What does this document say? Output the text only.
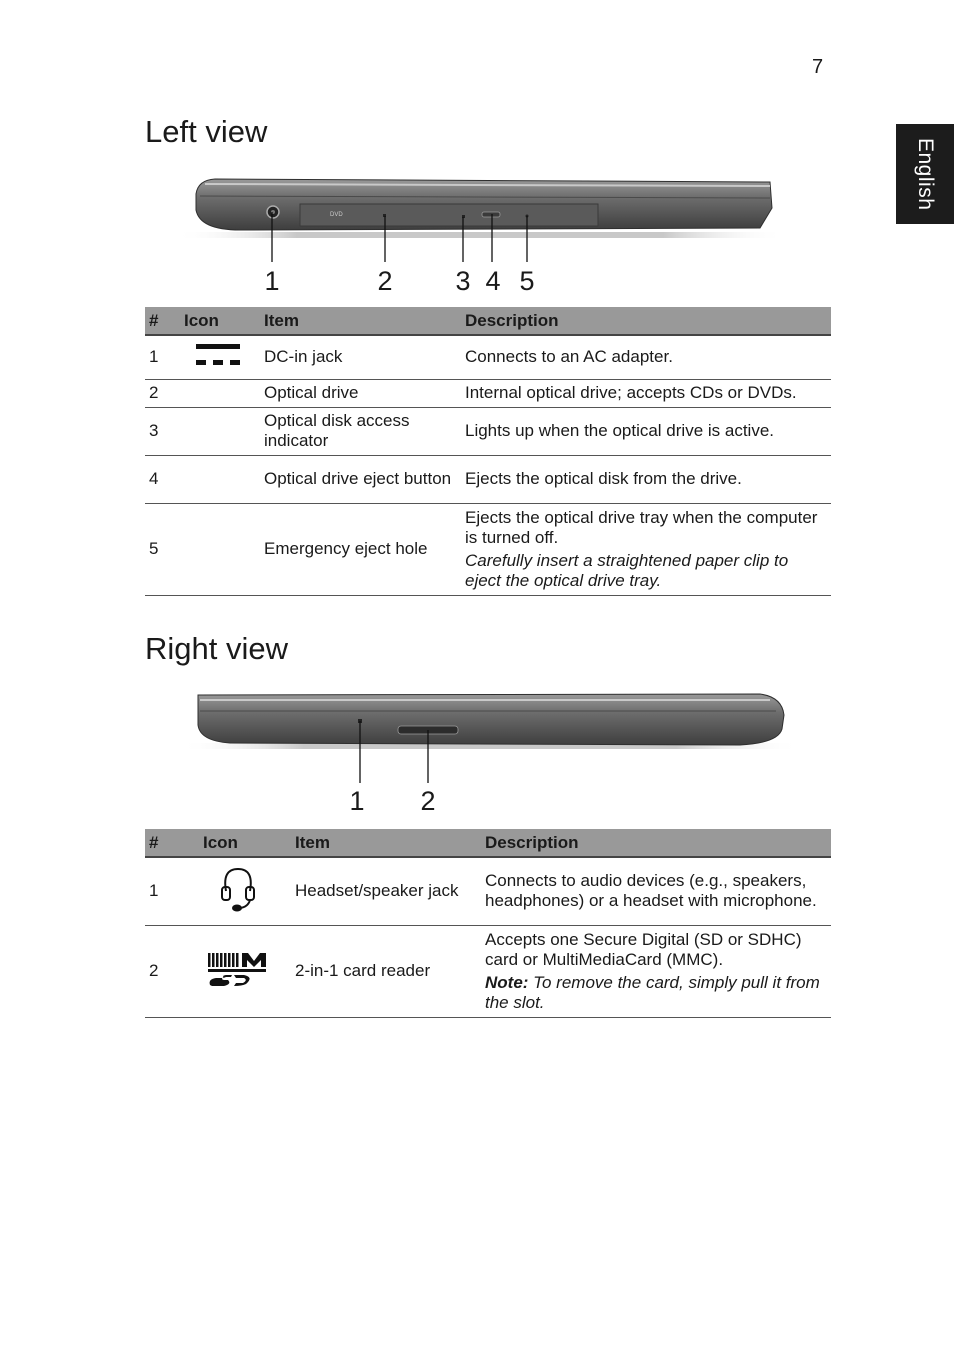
7
English
Left view
DVD
1	2 3 4 5
#	Icon	Item	Description
1		DC-in jack	Connects to an AC adapter.
2		Optical drive	Internal optical drive; accepts CDs or DVDs.
3		Optical disk access indicator	Lights up when the optical drive is active.
4		Optical drive eject button	Ejects the optical disk from the drive.
5		Emergency eject hole	Ejects the optical drive tray when the computer is turned off.
Carefully insert a straightened paper clip to eject the optical drive tray.
Right view
1 2
#	Icon	Item	Description
1		Headset/speaker jack	Connects to audio devices (e.g., speakers, headphones) or a headset with microphone.
2		2-in-1 card reader	Accepts one Secure Digital (SD or SDHC) card or MultiMediaCard (MMC).
Note: To remove the card, simply pull it from the slot.
